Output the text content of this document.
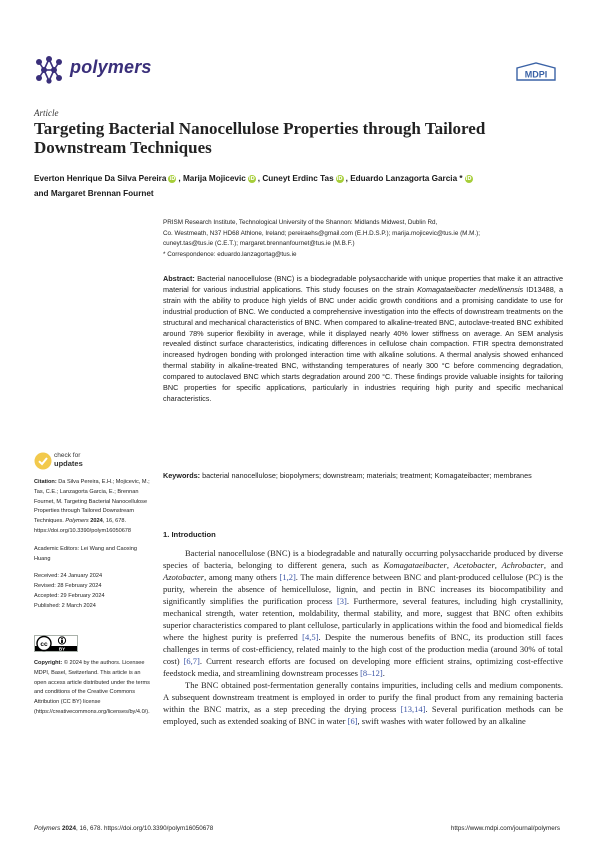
polymers	MDPI
Article
Targeting Bacterial Nanocellulose Properties through Tailored Downstream Techniques
Everton Henrique Da Silva Pereira iD , Marija Mojicevic iD , Cuneyt Erdinc Tas iD , Eduardo Lanzagorta Garcia * iD
and Margaret Brennan Fournet
PRISM Research Institute, Technological University of the Shannon: Midlands Midwest, Dublin Rd,
Co. Westmeath, N37 HD68 Athlone, Ireland; pereiraehs@gmail.com (E.H.D.S.P.); marija.mojicevic@tus.ie (M.M.);
cuneyt.tas@tus.ie (C.E.T.); margaret.brennanfournet@tus.ie (M.B.F.)
* Correspondence: eduardo.lanzagortag@tus.ie
Abstract: Bacterial nanocellulose (BNC) is a biodegradable polysaccharide with unique properties that make it an attractive material for various industrial applications. This study focuses on the strain Komagataeibacter medellinensis ID13488, a strain with the ability to produce high yields of BNC under acidic growth conditions and a promising candidate to use for industrial production of BNC. We conducted a comprehensive investigation into the effects of downstream treatments on the structural and mechanical characteristics of BNC. When compared to alkaline-treated BNC, autoclave-treated BNC exhibited around 78% superior flexibility in average, while it displayed nearly 40% lower stiffness on average. An SEM analysis revealed distinct surface characteristics, indicating differences in cellulose chain compaction. FTIR spectra demonstrated increased hydrogen bonding with prolonged interaction time with alkaline solutions. A thermal analysis showed enhanced thermal stability in alkaline-treated BNC, withstanding temperatures of nearly 300 °C before commencing degradation, compared to autoclaved BNC which starts degradation around 200 °C. These findings provide valuable insights for tailoring BNC properties for specific applications, particularly in industries requiring high purity and specific mechanical characteristics.
Keywords: bacterial nanocellulose; biopolymers; downstream; materials; treatment; Komagateibacter; membranes
check for
updates
Citation: Da Silva Pereira, E.H.; Mojicevic, M.; Tas, C.E.; Lanzagorta Garcia, E.; Brennan Fournet, M. Targeting Bacterial Nanocellulose Properties through Tailored Downstream Techniques. Polymers 2024, 16, 678. https://doi.org/10.3390/polym16050678
Academic Editors: Lei Wang and Caoxing Huang
Received: 24 January 2024
Revised: 28 February 2024
Accepted: 29 February 2024
Published: 2 March 2024
cc
BY
Copyright: © 2024 by the authors. Licensee MDPI, Basel, Switzerland. This article is an open access article distributed under the terms and conditions of the Creative Commons Attribution (CC BY) license (https://creativecommons.org/licenses/by/4.0/).
1. Introduction

Bacterial nanocellulose (BNC) is a biodegradable and naturally occurring polysaccharide produced by diverse species of bacteria, belonging to different genera, such as Komagataeibacter, Acetobacter, Achrobacter, and Azotobacter, among many others [1,2]. The main difference between BNC and plant-produced cellulose (PC) is the purity, wherein the absence of hemicellulose, lignin, and pectin in BNC increases its biocompatibility and significantly simplifies the purification process [3]. Furthermore, several features, including high crystallinity, mechanical strength, water retention, moldability, thermal stability, and more, suggest that BNC often exhibits superior characteristics compared to plant cellulose, particularly in applications within the food and biomedical fields where the highest purity is preferred [4,5]. Despite the numerous benefits of BNC, its production still faces challenges in terms of cost-efficiency, related mainly to the high cost of the production media (around 30% of total cost) [6,7]. Current research efforts are focused on developing more efficient strains, optimizing cost-effective feedstock media, and streamlining downstream processes [8–12].

The BNC obtained post-fermentation generally contains impurities, including cells and medium components. A subsequent downstream treatment is employed in order to purify the final product from any remaining bacteria within the BNC matrix, as a step preceding the drying process [13,14]. Several purification methods can be employed, such as extended soaking of BNC in water [6], swift washes with water followed by an alkaline

Polymers 2024, 16, 678. https://doi.org/10.3390/polym16050678	https://www.mdpi.com/journal/polymers
